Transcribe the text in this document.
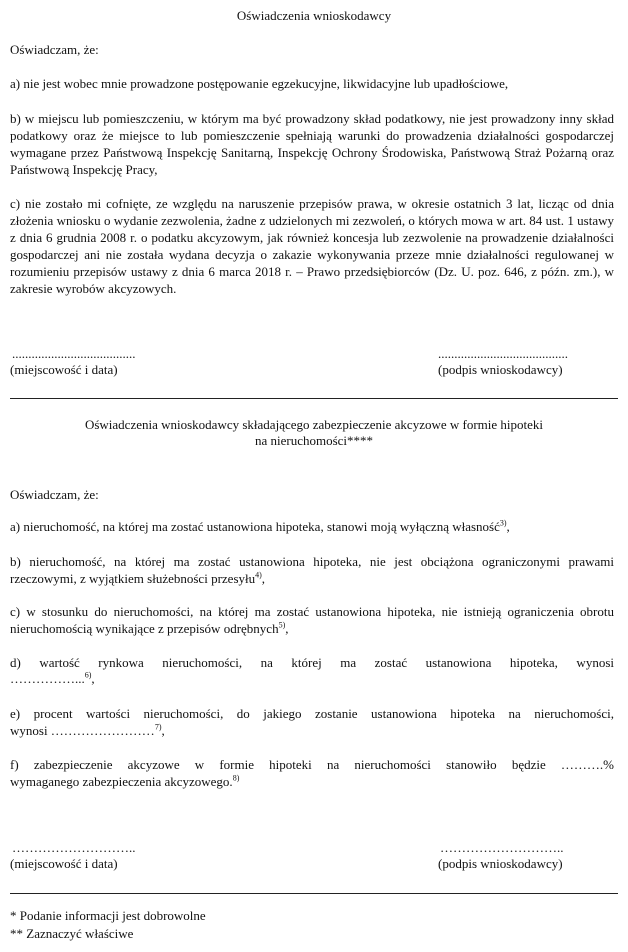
Oświadczenia wnioskodawcy
Oświadczam, że:
a) nie jest wobec mnie prowadzone postępowanie egzekucyjne, likwidacyjne lub upadłościowe,
b) w miejscu lub pomieszczeniu, w którym ma być prowadzony skład podatkowy, nie jest prowadzony inny skład podatkowy oraz że miejsce to lub pomieszczenie spełniają warunki do prowadzenia działalności gospodarczej wymagane przez Państwową Inspekcję Sanitarną, Inspekcję Ochrony Środowiska, Państwową Straż Pożarną oraz Państwową Inspekcję Pracy,
c) nie zostało mi cofnięte, ze względu na naruszenie przepisów prawa, w okresie ostatnich 3 lat, licząc od dnia złożenia wniosku o wydanie zezwolenia, żadne z udzielonych mi zezwoleń, o których mowa w art. 84 ust. 1 ustawy z dnia 6 grudnia 2008 r. o podatku akcyzowym, jak również koncesja lub zezwolenie na prowadzenie działalności gospodarczej ani nie została wydana decyzja o zakazie wykonywania przeze mnie działalności regulowanej w rozumieniu przepisów ustawy z dnia 6 marca 2018 r. – Prawo przedsiębiorców (Dz. U. poz. 646, z późn. zm.), w zakresie wyrobów akcyzowych.
......................................	........................................
(miejscowość i data)	(podpis wnioskodawcy)
Oświadczenia wnioskodawcy składającego zabezpieczenie akcyzowe w formie hipoteki
na nieruchomości****
Oświadczam, że:
a) nieruchomość, na której ma zostać ustanowiona hipoteka, stanowi moją wyłączną własność$^{3)}$,
b) nieruchomość, na której ma zostać ustanowiona hipoteka, nie jest obciążona ograniczonymi prawami rzeczowymi, z wyjątkiem służebności przesyłu$^{4)}$,
c) w stosunku do nieruchomości, na której ma zostać ustanowiona hipoteka, nie istnieją ograniczenia obrotu nieruchomością wynikające z przepisów odrębnych$^{5)}$,
d) wartość rynkowa nieruchomości, na której ma zostać ustanowiona hipoteka, wynosi
……………...$^{6)}$,
e) procent wartości nieruchomości, do jakiego zostanie ustanowiona hipoteka na nieruchomości,
wynosi ……………………$^{7)}$,
f) zabezpieczenie akcyzowe w formie hipoteki na nieruchomości stanowiło będzie ……….%
wymaganego zabezpieczenia akcyzowego.$^{8)}$
………………………..	………………………..
(miejscowość i data)	(podpis wnioskodawcy)
* Podanie informacji jest dobrowolne
** Zaznaczyć właściwe
